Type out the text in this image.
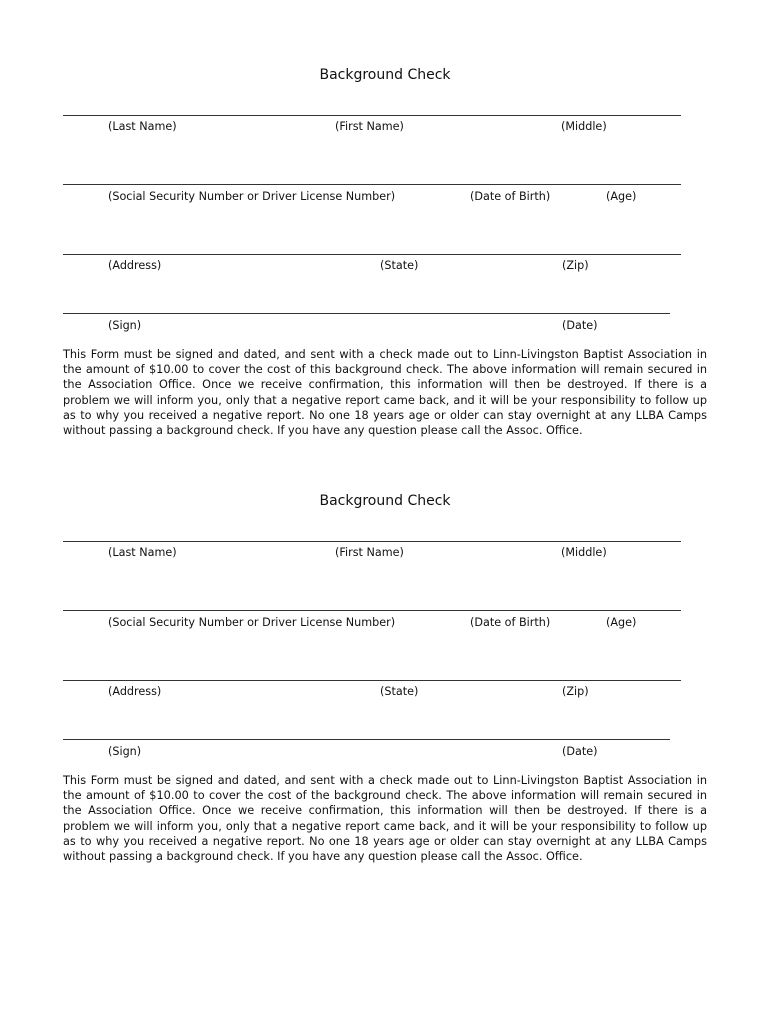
Background Check
(Last Name)	(First Name)	(Middle)
(Social Security Number or Driver License Number)	(Date of Birth)	(Age)
(Address)	(State)	(Zip)
(Sign)	(Date)
This Form must be signed and dated, and sent with a check made out to Linn-Livingston Baptist Association in the amount of $10.00 to cover the cost of this background check. The above information will remain secured in the Association Office. Once we receive confirmation, this information will then be destroyed. If there is a problem we will inform you, only that a negative report came back, and it will be your responsibility to follow up as to why you received a negative report. No one 18 years age or older can stay overnight at any LLBA Camps without passing a background check. If you have any question please call the Assoc. Office.
Background Check
(Last Name)	(First Name)	(Middle)
(Social Security Number or Driver License Number)	(Date of Birth)	(Age)
(Address)	(State)	(Zip)
(Sign)	(Date)
This Form must be signed and dated, and sent with a check made out to Linn-Livingston Baptist Association in the amount of $10.00 to cover the cost of the background check. The above information will remain secured in the Association Office. Once we receive confirmation, this information will then be destroyed. If there is a problem we will inform you, only that a negative report came back, and it will be your responsibility to follow up as to why you received a negative report. No one 18 years age or older can stay overnight at any LLBA Camps without passing a background check. If you have any question please call the Assoc. Office.
